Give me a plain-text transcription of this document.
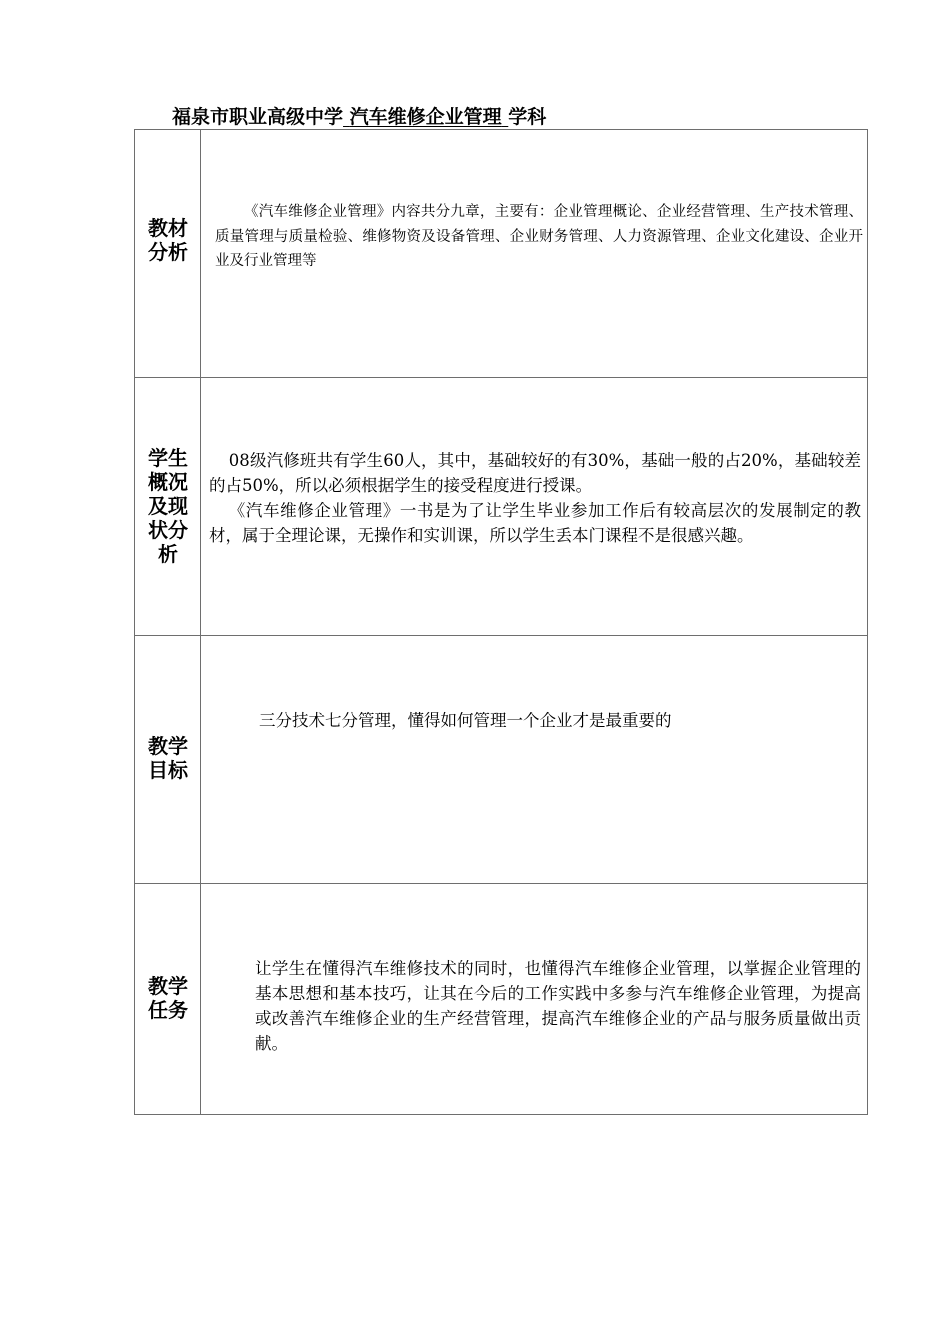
福泉市职业高级中学 汽车维修企业管理 学科
教材分析
《汽车维修企业管理》内容共分九章，主要有：企业管理概论、企业经营管理、生产技术管理、质量管理与质量检验、维修物资及设备管理、企业财务管理、人力资源管理、企业文化建设、企业开业及行业管理等
学生概况及现状分析

08级汽修班共有学生60人，其中，基础较好的有30%，基础一般的占20%，基础较差的占50%，所以必须根据学生的接受程度进行授课。

《汽车维修企业管理》一书是为了让学生毕业参加工作后有较高层次的发展制定的教材，属于全理论课，无操作和实训课，所以学生丢本门课程不是很感兴趣。

教学目标
三分技术七分管理，懂得如何管理一个企业才是最重要的
教学任务
让学生在懂得汽车维修技术的同时，也懂得汽车维修企业管理，以掌握企业管理的基本思想和基本技巧，让其在今后的工作实践中多参与汽车维修企业管理，为提高或改善汽车维修企业的生产经营管理，提高汽车维修企业的产品与服务质量做出贡献。
